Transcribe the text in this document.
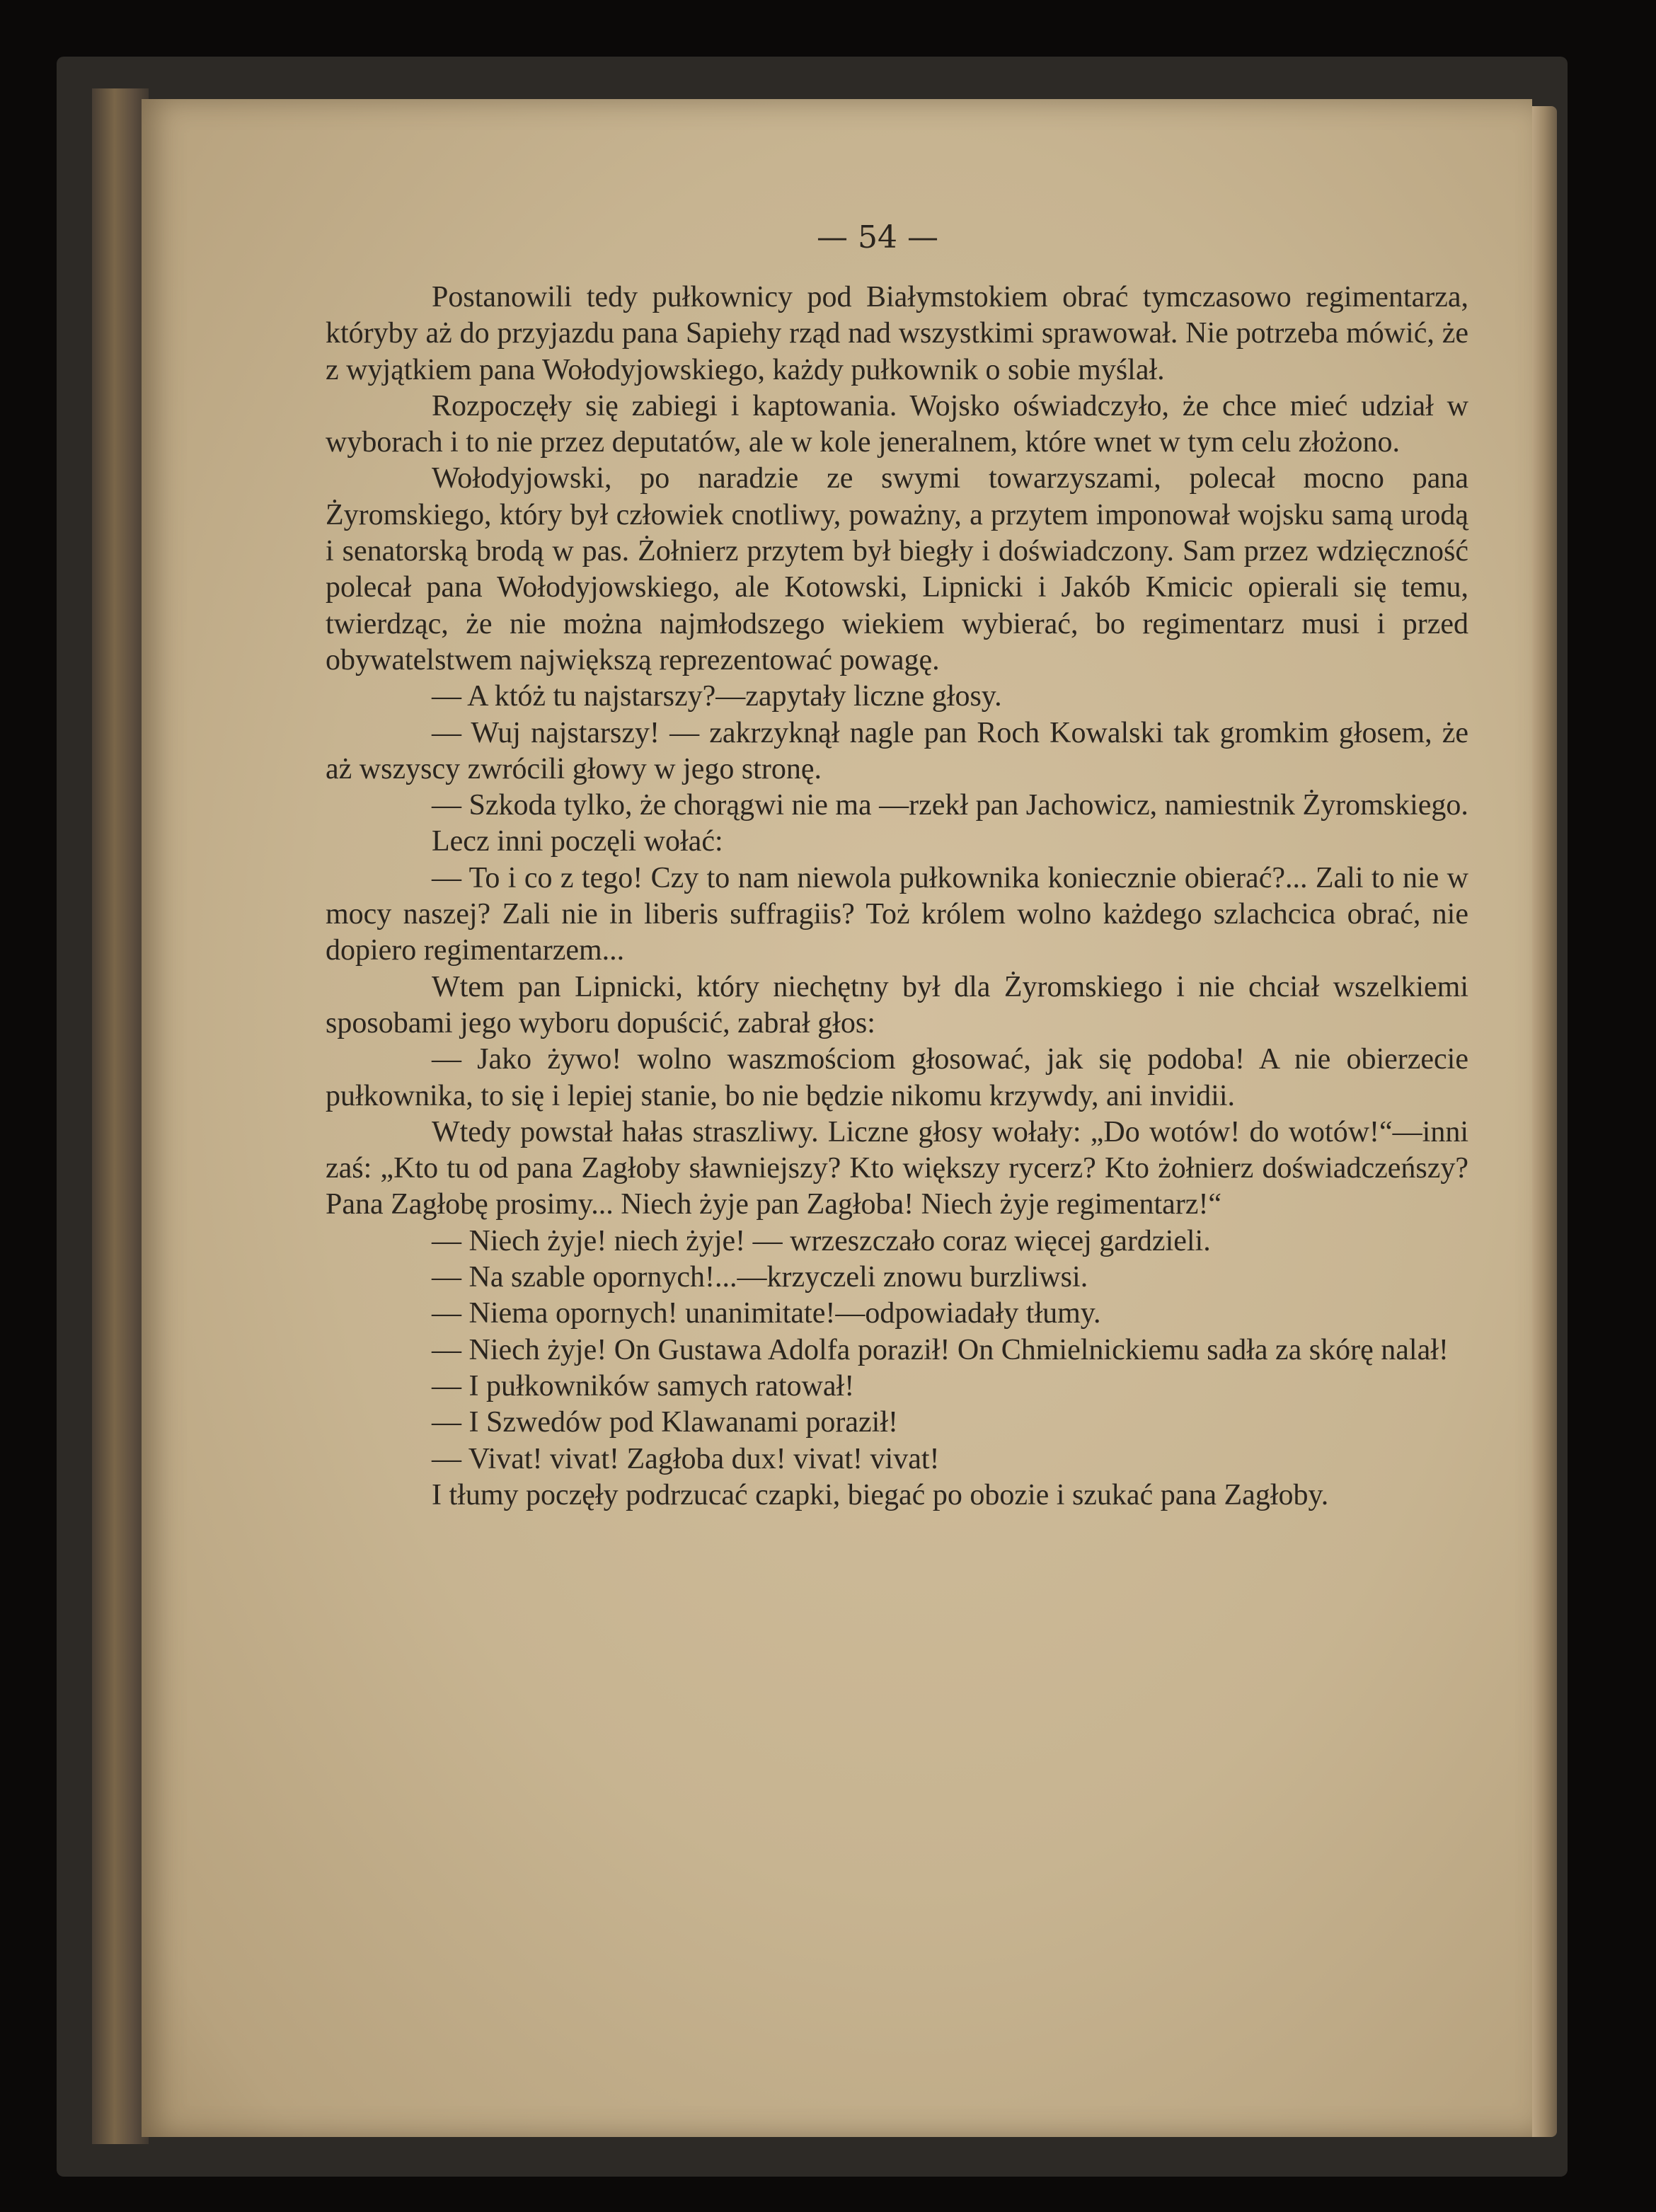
— 54 —

Postanowili tedy pułkownicy pod Białymstokiem obrać tymczasowo regimentarza, któryby aż do przyjazdu pana Sapiehy rząd nad wszystkimi sprawował. Nie potrzeba mówić, że z wyjątkiem pana Wołodyjowskiego, każdy pułkownik o sobie myślał.

Rozpoczęły się zabiegi i kaptowania. Wojsko oświadczyło, że chce mieć udział w wyborach i to nie przez deputatów, ale w kole jeneralnem, które wnet w tym celu złożono.

Wołodyjowski, po naradzie ze swymi towarzyszami, polecał mocno pana Żyromskiego, który był człowiek cnotliwy, poważny, a przytem imponował wojsku samą urodą i senatorską brodą w pas. Żołnierz przytem był biegły i doświadczony. Sam przez wdzięczność polecał pana Wołodyjowskiego, ale Kotowski, Lipnicki i Jakób Kmicic opierali się temu, twierdząc, że nie można najmłodszego wiekiem wybierać, bo regimentarz musi i przed obywatelstwem największą reprezentować powagę.

— A któż tu najstarszy?—zapytały liczne głosy.

— Wuj najstarszy! — zakrzyknął nagle pan Roch Kowalski tak gromkim głosem, że aż wszyscy zwrócili głowy w jego stronę.

— Szkoda tylko, że chorągwi nie ma —rzekł pan Jachowicz, namiestnik Żyromskiego.

Lecz inni poczęli wołać:

— To i co z tego! Czy to nam niewola pułkownika koniecznie obierać?... Zali to nie w mocy naszej? Zali nie in liberis suffragiis? Toż królem wolno każdego szlachcica obrać, nie dopiero regimentarzem...

Wtem pan Lipnicki, który niechętny był dla Żyromskiego i nie chciał wszelkiemi sposobami jego wyboru dopuścić, zabrał głos:

— Jako żywo! wolno waszmościom głosować, jak się podoba! A nie obierzecie pułkownika, to się i lepiej stanie, bo nie będzie nikomu krzywdy, ani invidii.

Wtedy powstał hałas straszliwy. Liczne głosy wołały: „Do wotów! do wotów!“—inni zaś: „Kto tu od pana Zagłoby sławniejszy? Kto większy rycerz? Kto żołnierz doświadczeńszy? Pana Zagłobę prosimy... Niech żyje pan Zagłoba! Niech żyje regimentarz!“

— Niech żyje! niech żyje! — wrzeszczało coraz więcej gardzieli.

— Na szable opornych!...—krzyczeli znowu burzliwsi.

— Niema opornych! unanimitate!—odpowiadały tłumy.

— Niech żyje! On Gustawa Adolfa poraził! On Chmielnickiemu sadła za skórę nalał!

— I pułkowników samych ratował!

— I Szwedów pod Klawanami poraził!

— Vivat! vivat! Zagłoba dux! vivat! vivat!

I tłumy poczęły podrzucać czapki, biegać po obozie i szukać pana Zagłoby.
